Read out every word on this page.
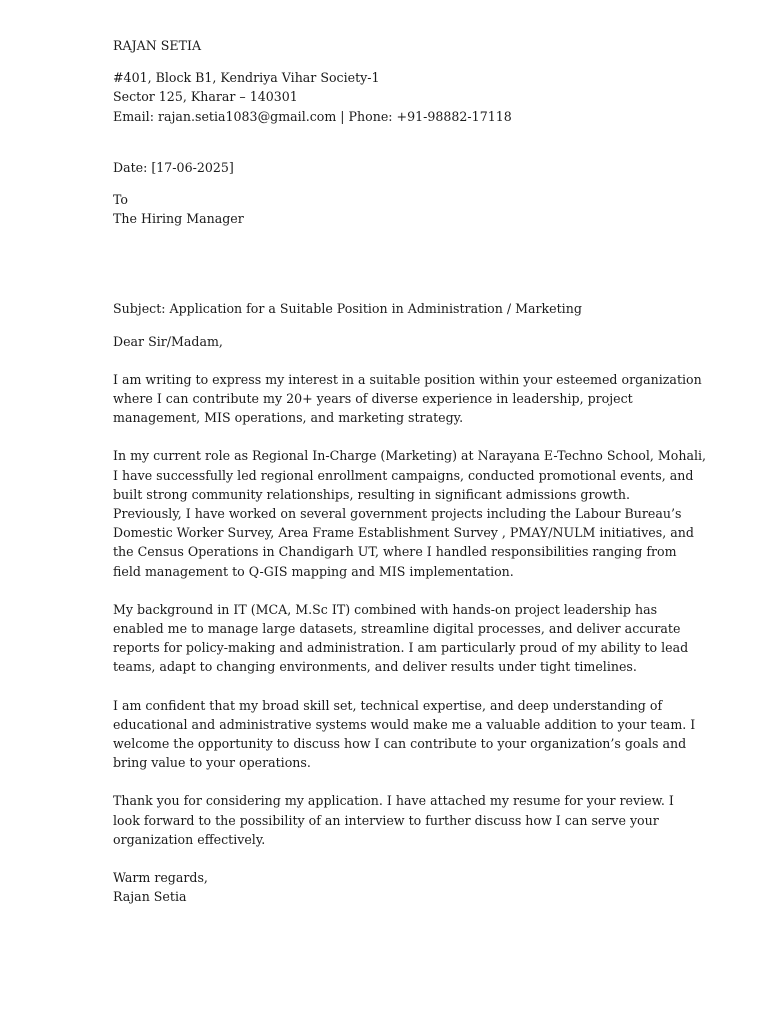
RAJAN SETIA
#401, Block B1, Kendriya Vihar Society-1
Sector 125, Kharar – 140301
Email: rajan.setia1083@gmail.com | Phone: +91-98882-17118
Date: [17-06-2025]
To
The Hiring Manager
Subject: Application for a Suitable Position in Administration / Marketing
Dear Sir/Madam,
I am writing to express my interest in a suitable position within your esteemed organization
where I can contribute my 20+ years of diverse experience in leadership, project
management, MIS operations, and marketing strategy.
In my current role as Regional In-Charge (Marketing) at Narayana E-Techno School, Mohali,
I have successfully led regional enrollment campaigns, conducted promotional events, and
built strong community relationships, resulting in significant admissions growth.
Previously, I have worked on several government projects including the Labour Bureau’s
Domestic Worker Survey, Area Frame Establishment Survey , PMAY/NULM initiatives, and
the Census Operations in Chandigarh UT, where I handled responsibilities ranging from
field management to Q-GIS mapping and MIS implementation.
My background in IT (MCA, M.Sc IT) combined with hands-on project leadership has
enabled me to manage large datasets, streamline digital processes, and deliver accurate
reports for policy-making and administration. I am particularly proud of my ability to lead
teams, adapt to changing environments, and deliver results under tight timelines.
I am confident that my broad skill set, technical expertise, and deep understanding of
educational and administrative systems would make me a valuable addition to your team. I
welcome the opportunity to discuss how I can contribute to your organization’s goals and
bring value to your operations.
Thank you for considering my application. I have attached my resume for your review. I
look forward to the possibility of an interview to further discuss how I can serve your
organization effectively.
Warm regards,
Rajan Setia
